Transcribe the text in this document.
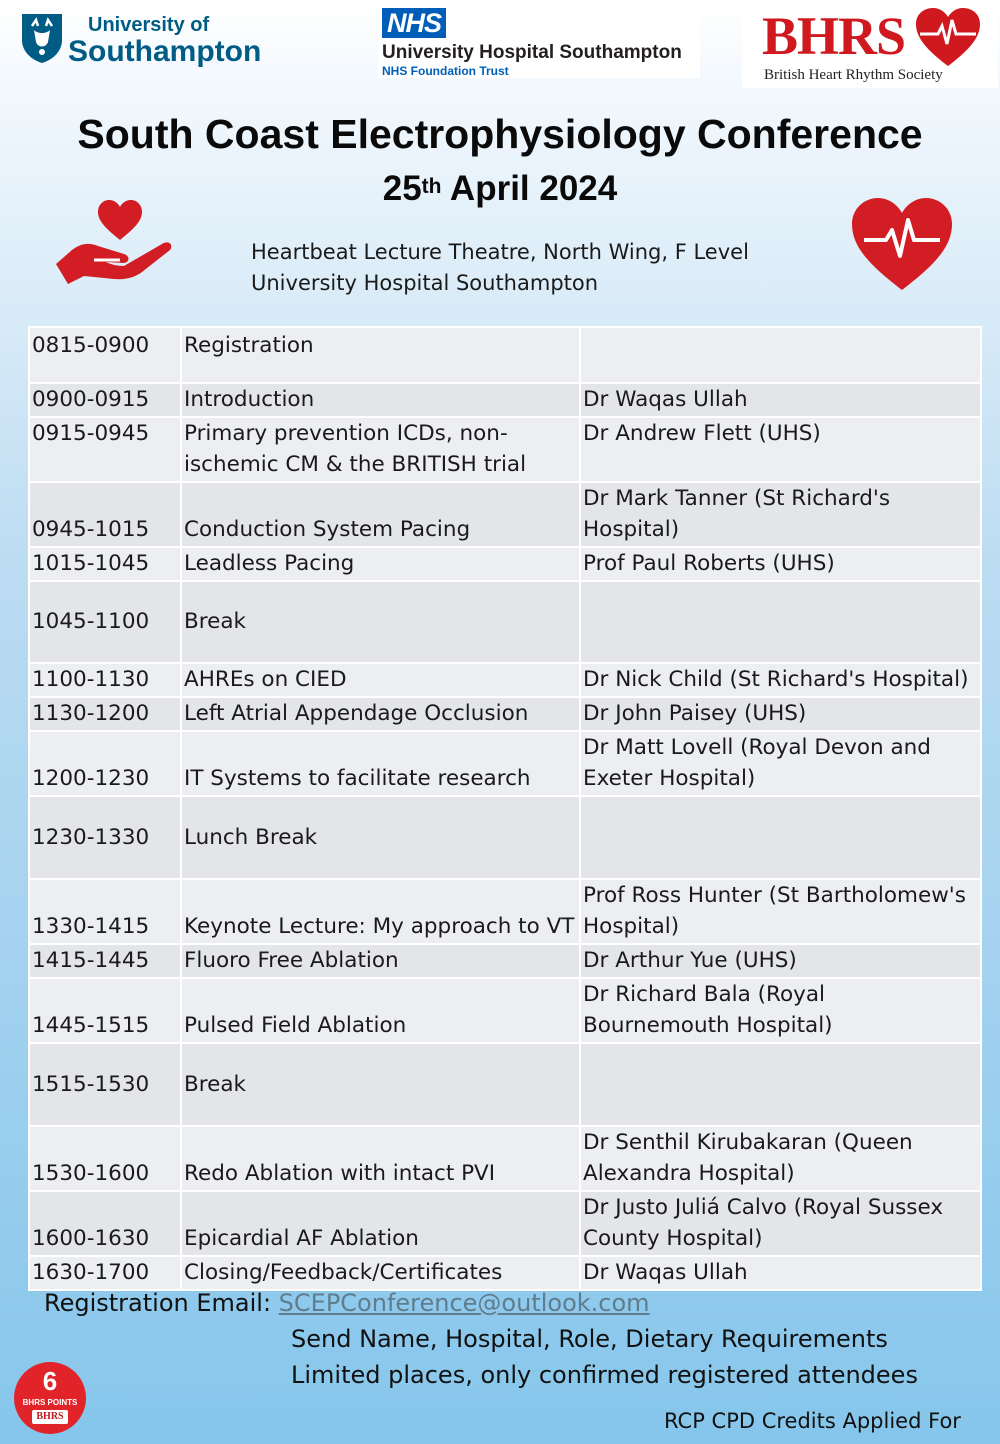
University of
Southampton
NHS
University Hospital Southampton
NHS Foundation Trust
BHRS
British Heart Rhythm Society
South Coast Electrophysiology Conference
25th April 2024
Heartbeat Lecture Theatre, North Wing, F Level
University Hospital Southampton
0815-0900	Registration	
0900-0915	Introduction	Dr Waqas Ullah
0915-0945	Primary prevention ICDs, non-ischemic CM & the BRITISH trial	Dr Andrew Flett (UHS)
0945-1015	Conduction System Pacing	Dr Mark Tanner (St Richard's Hospital)
1015-1045	Leadless Pacing	Prof Paul Roberts (UHS)
1045-1100	Break	
1100-1130	AHREs on CIED	Dr Nick Child (St Richard's Hospital)
1130-1200	Left Atrial Appendage Occlusion	Dr John Paisey (UHS)
1200-1230	IT Systems to facilitate research	Dr Matt Lovell (Royal Devon and Exeter Hospital)
1230-1330	Lunch Break	
1330-1415	Keynote Lecture: My approach to VT	Prof Ross Hunter (St Bartholomew's Hospital)
1415-1445	Fluoro Free Ablation	Dr Arthur Yue (UHS)
1445-1515	Pulsed Field Ablation	Dr Richard Bala (Royal Bournemouth Hospital)
1515-1530	Break	
1530-1600	Redo Ablation with intact PVI	Dr Senthil Kirubakaran (Queen Alexandra Hospital)
1600-1630	Epicardial AF Ablation	Dr Justo Juliá Calvo (Royal Sussex County Hospital)
1630-1700	Closing/Feedback/Certificates	Dr Waqas Ullah
Registration Email: SCEPConference@outlook.com
Send Name, Hospital, Role, Dietary Requirements
Limited places, only confirmed registered attendees
6
BHRS POINTS
BHRS	RCP CPD Credits Applied For
